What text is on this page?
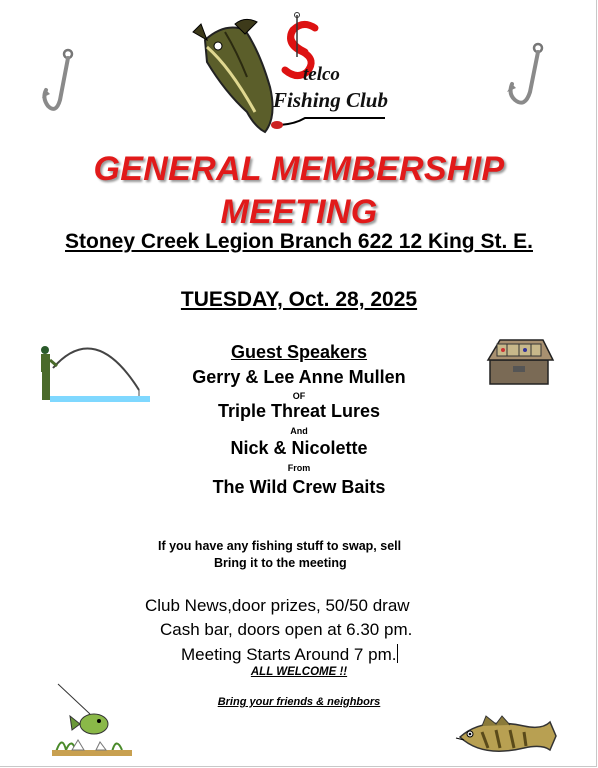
telco
Fishing Club
GENERAL MEMBERSHIP
MEETING
Stoney Creek Legion Branch 622 12 King St. E.
TUESDAY, Oct. 28, 2025
Guest Speakers
Gerry & Lee Anne Mullen
OF
Triple Threat Lures
And
Nick & Nicolette
From
The Wild Crew Baits
If you have any fishing stuff to swap, sell
Bring it to the meeting
Club News,door prizes, 50/50 draw
Cash bar, doors open at 6.30 pm.
Meeting Starts Around 7 pm.
ALL WELCOME !!
Bring your friends & neighbors
